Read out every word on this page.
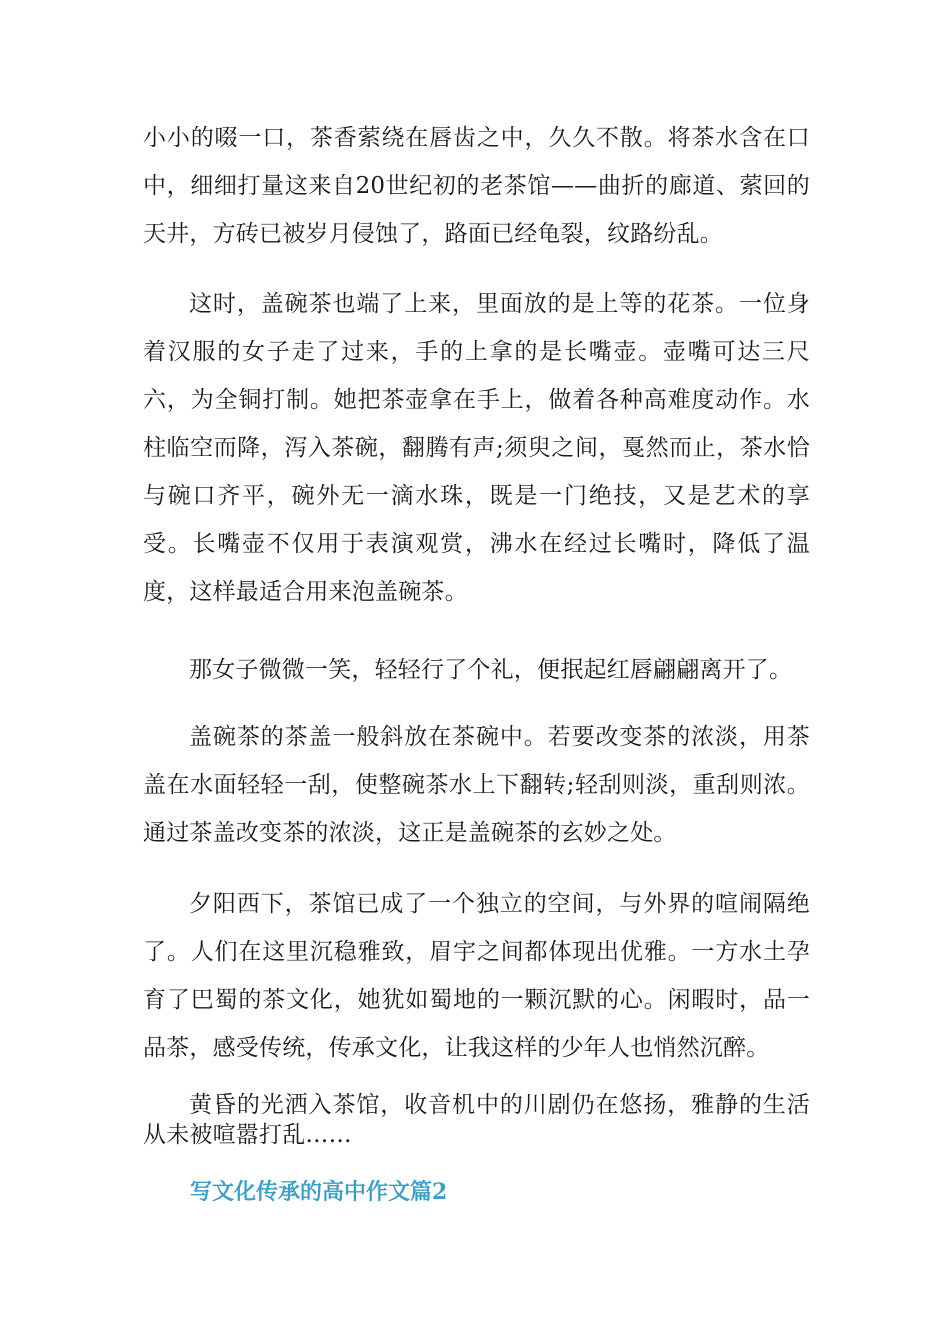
小小的啜一口，茶香萦绕在唇齿之中，久久不散。将茶水含在口中，细细打量这来自20世纪初的老茶馆——曲折的廊道、萦回的天井，方砖已被岁月侵蚀了，路面已经龟裂，纹路纷乱。

这时，盖碗茶也端了上来，里面放的是上等的花茶。一位身着汉服的女子走了过来，手的上拿的是长嘴壶。壶嘴可达三尺六，为全铜打制。她把茶壶拿在手上，做着各种高难度动作。水柱临空而降，泻入茶碗，翻腾有声;须臾之间，戛然而止，茶水恰与碗口齐平，碗外无一滴水珠，既是一门绝技，又是艺术的享受。长嘴壶不仅用于表演观赏，沸水在经过长嘴时，降低了温度，这样最适合用来泡盖碗茶。

那女子微微一笑，轻轻行了个礼，便抿起红唇翩翩离开了。

盖碗茶的茶盖一般斜放在茶碗中。若要改变茶的浓淡，用茶盖在水面轻轻一刮，使整碗茶水上下翻转;轻刮则淡，重刮则浓。通过茶盖改变茶的浓淡，这正是盖碗茶的玄妙之处。

夕阳西下，茶馆已成了一个独立的空间，与外界的喧闹隔绝了。人们在这里沉稳雅致，眉宇之间都体现出优雅。一方水土孕育了巴蜀的茶文化，她犹如蜀地的一颗沉默的心。闲暇时，品一品茶，感受传统，传承文化，让我这样的少年人也悄然沉醉。

黄昏的光洒入茶馆，收音机中的川剧仍在悠扬，雅静的生活从未被喧嚣打乱……

写文化传承的高中作文篇2
